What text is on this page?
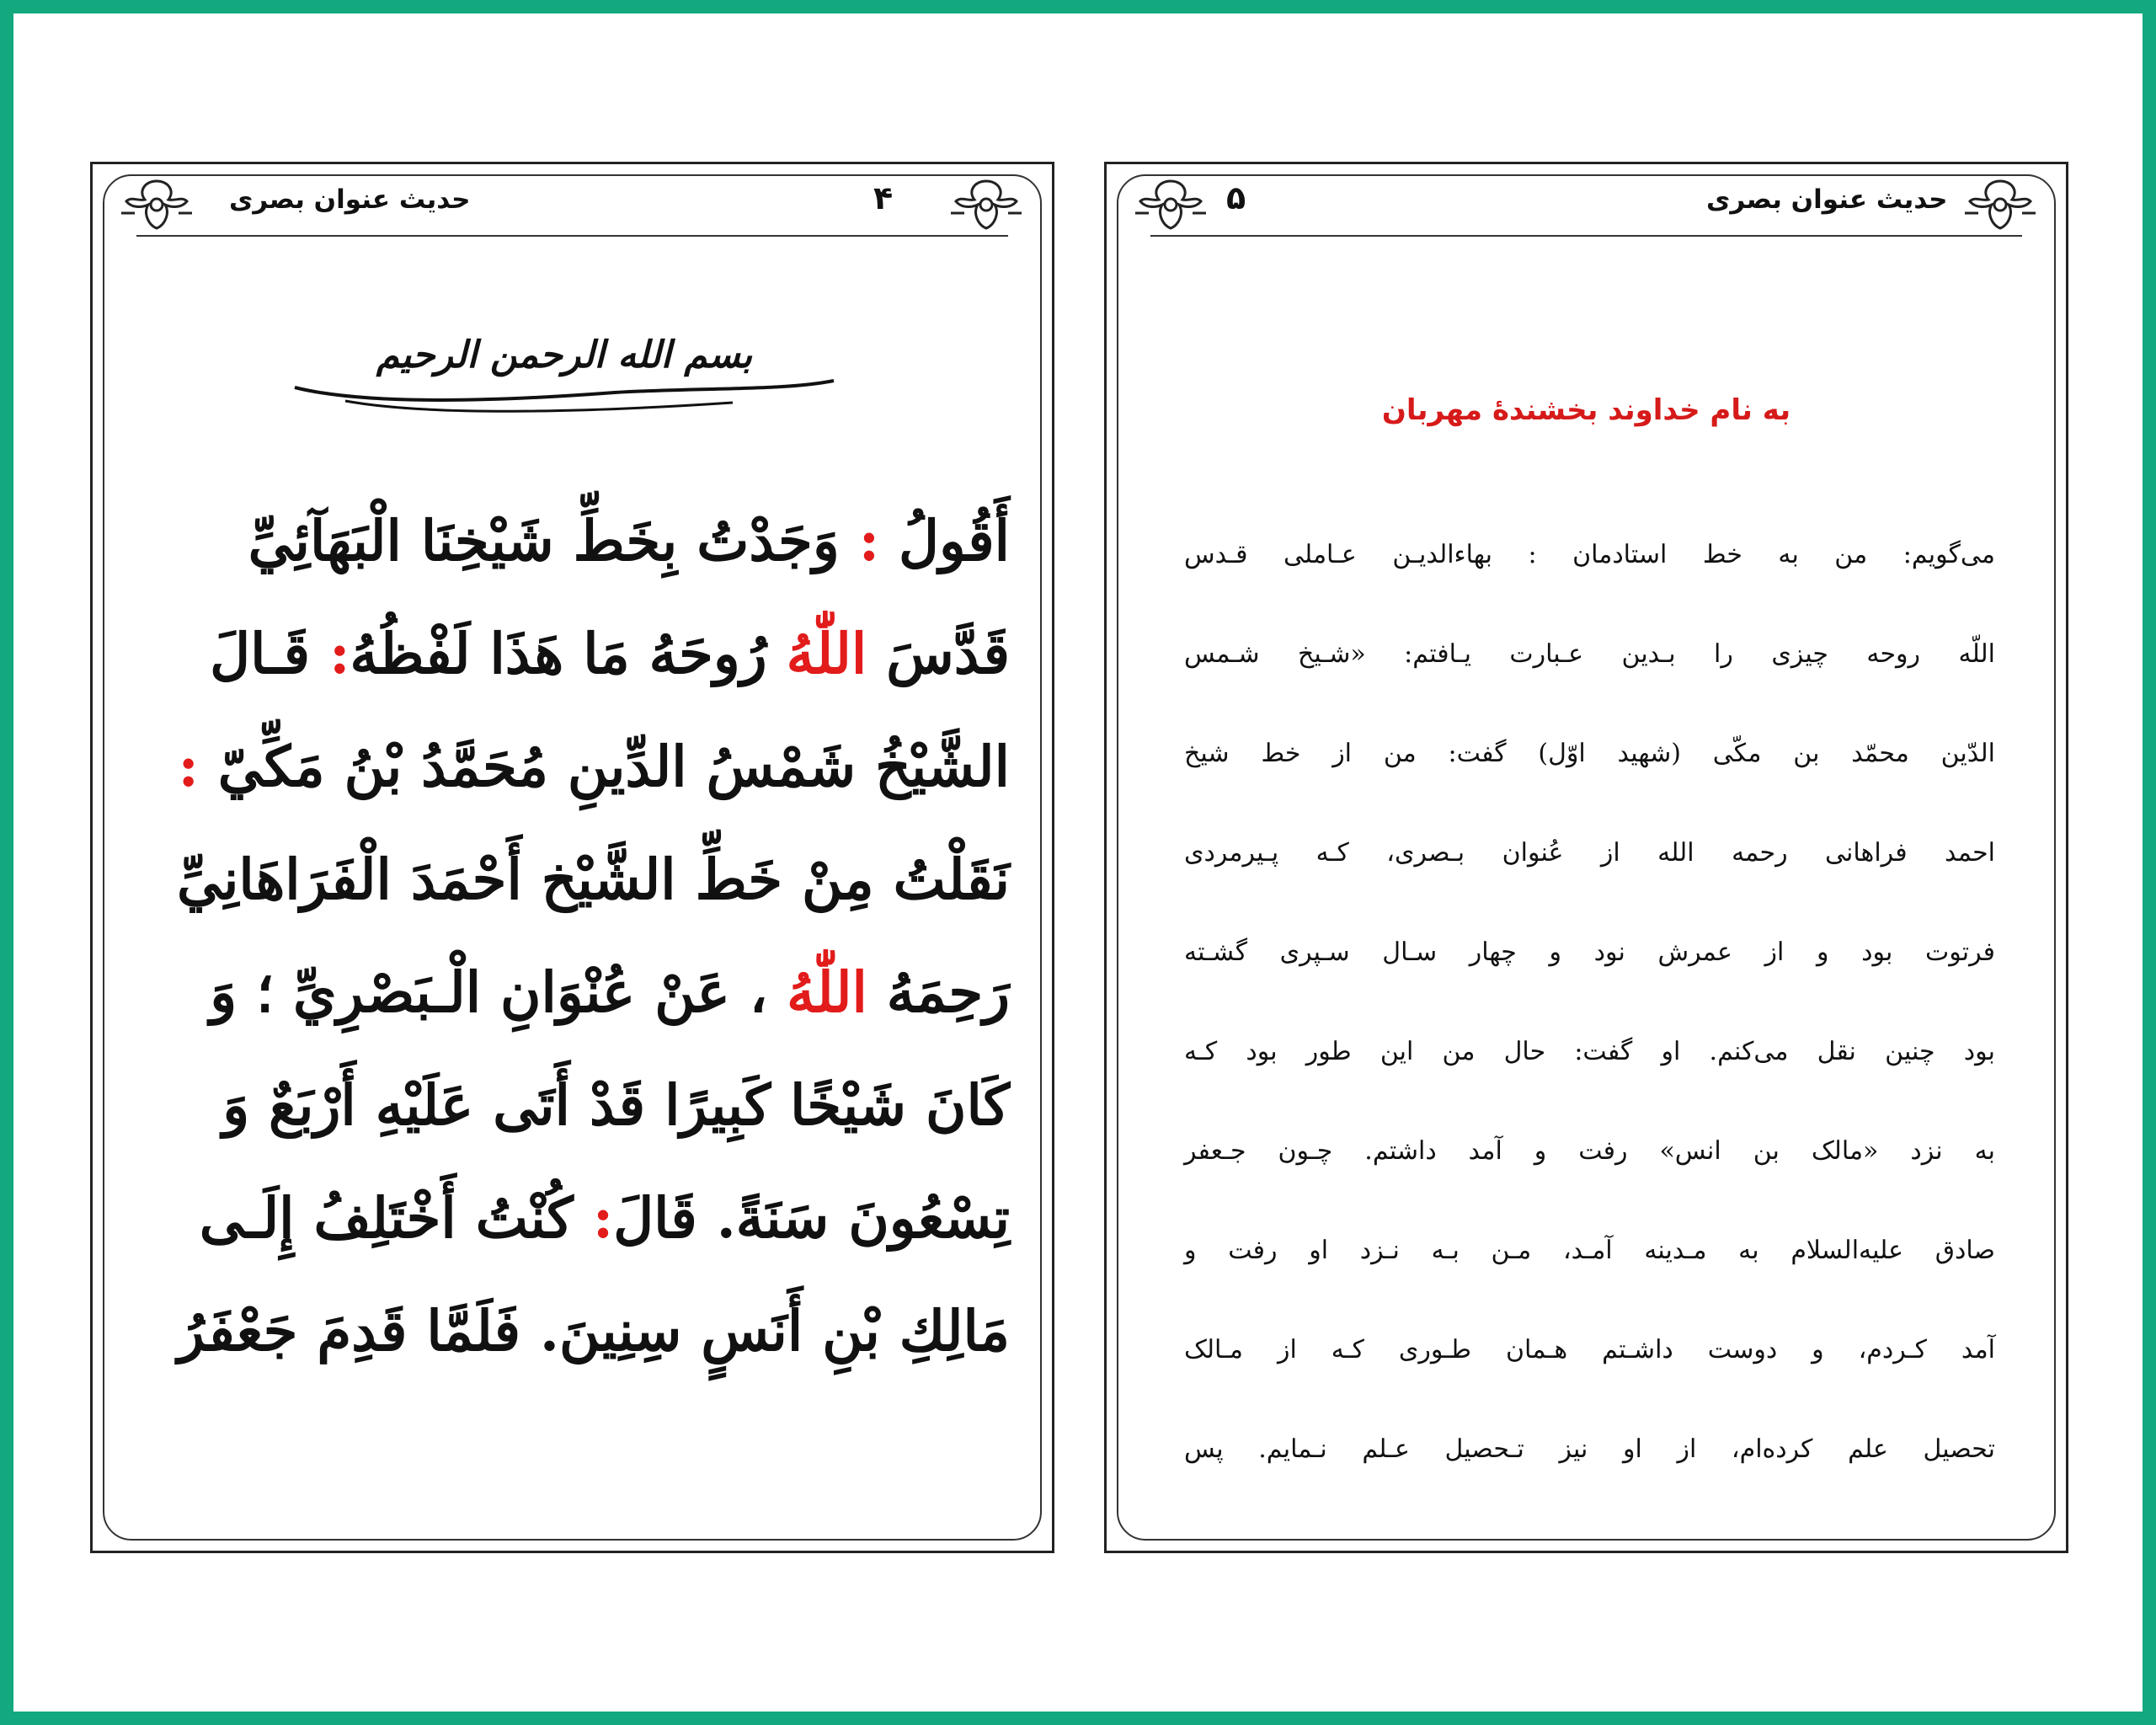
حديث عنوان بصرى	۴
بسم الله الرحمن الرحيم
أَقُولُ : وَجَدْتُ بِخَطِّ شَيْخِنَا الْبَهَآئِيِّ
قَدَّسَ اللّٰهُ رُوحَهُ مَا هَذَا لَفْظُهُ: قَـالَ
الشَّيْخُ شَمْسُ الدِّينِ مُحَمَّدُ بْنُ مَكِّيّ :
نَقَلْتُ مِنْ خَطِّ الشَّيْخ أَحْمَدَ الْفَرَاهَانِيِّ
رَحِمَهُ اللّٰهُ ، عَنْ عُنْوَانِ الْـبَصْرِيِّ ؛ وَ
كَانَ شَيْخًا كَبِيرًا قَدْ أَتَى عَلَيْهِ أَرْبَعٌ وَ
تِسْعُونَ سَنَةً. قَالَ: كُنْتُ أَخْتَلِفُ إِلَـى
مَالِكِ بْنِ أَنَسٍ سِنِينَ. فَلَمَّا قَدِمَ جَعْفَرُ
۵	حدیث عنوان بصری
به نام خداوند بخشندهٔ مهربان
می‌گویم: من به خط استادمان : بهاءالدیـن عـاملی قـدس
اللّه روحه چیزی را بـدین عـبارت یـافتم: «شـیخ شـمس
الدّین محمّد بن مکّی (شهید اوّل) گفت: من از خط شیخ
احمد فراهانی رحمه الله از عُنوان بـصری، کـه پـیرمردی
فرتوت بود و از عمرش نود و چهار سـال سـپری گشـته
بود چنین نقل می‌کنم. او گفت: حال من این طور بود کـه
به نزد «مالک بن انس» رفت و آمد داشتم. چـون جـعفر
صادق علیه‌السلام به مـدینه آمـد، مـن بـه نـزد او رفت و
آمد کـردم، و دوست داشـتم هـمان طـوری کـه از مـالک
تحصیل علم کرده‌ام، از او نیز تـحصیل عـلم نـمایم. پس
